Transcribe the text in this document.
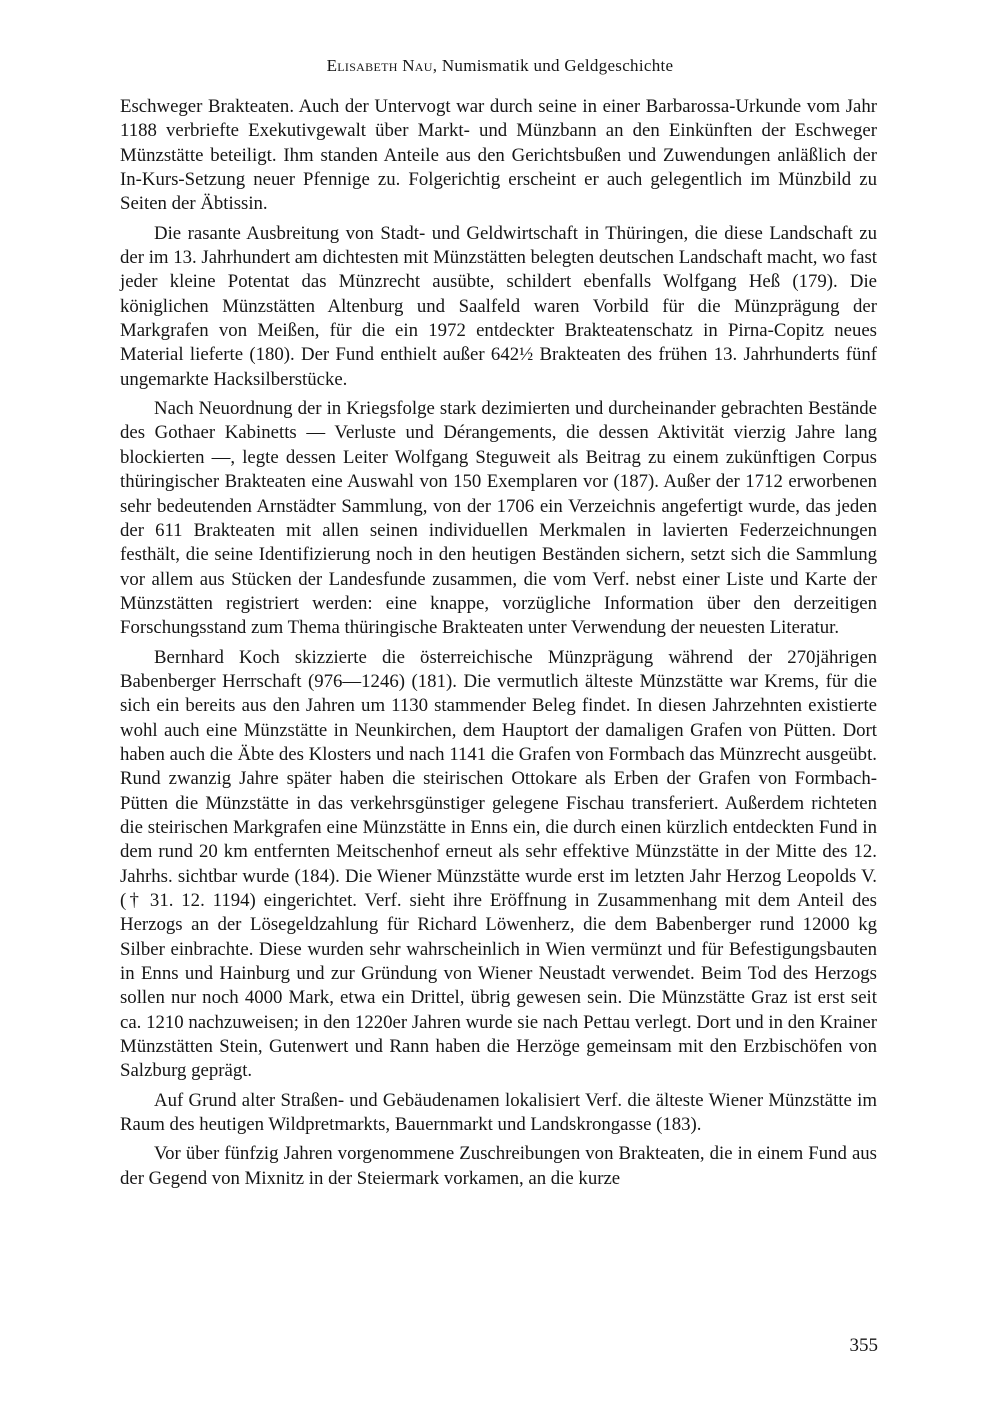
Elisabeth Nau, Numismatik und Geldgeschichte

Eschweger Brakteaten. Auch der Untervogt war durch seine in einer Barbarossa-Urkunde vom Jahr 1188 verbriefte Exekutivgewalt über Markt- und Münzbann an den Einkünften der Eschweger Münzstätte beteiligt. Ihm standen Anteile aus den Gerichtsbußen und Zuwendungen anläßlich der In-Kurs-Setzung neuer Pfennige zu. Folgerichtig erscheint er auch gelegentlich im Münzbild zu Seiten der Äbtissin.

Die rasante Ausbreitung von Stadt- und Geldwirtschaft in Thüringen, die diese Landschaft zu der im 13. Jahrhundert am dichtesten mit Münzstätten belegten deutschen Landschaft macht, wo fast jeder kleine Potentat das Münzrecht ausübte, schildert ebenfalls Wolfgang Heß (179). Die königlichen Münzstätten Altenburg und Saalfeld waren Vorbild für die Münzprägung der Markgrafen von Meißen, für die ein 1972 entdeckter Brakteatenschatz in Pirna-Copitz neues Material lieferte (180). Der Fund enthielt außer 642½ Brakteaten des frühen 13. Jahrhunderts fünf ungemarkte Hacksilberstücke.

Nach Neuordnung der in Kriegsfolge stark dezimierten und durcheinander gebrachten Bestände des Gothaer Kabinetts — Verluste und Dérangements, die dessen Aktivität vierzig Jahre lang blockierten —, legte dessen Leiter Wolfgang Steguweit als Beitrag zu einem zukünftigen Corpus thüringischer Brakteaten eine Auswahl von 150 Exemplaren vor (187). Außer der 1712 erworbenen sehr bedeutenden Arnstädter Sammlung, von der 1706 ein Verzeichnis angefertigt wurde, das jeden der 611 Brakteaten mit allen seinen individuellen Merkmalen in lavierten Federzeichnungen festhält, die seine Identifizierung noch in den heutigen Beständen sichern, setzt sich die Sammlung vor allem aus Stücken der Landesfunde zusammen, die vom Verf. nebst einer Liste und Karte der Münzstätten registriert werden: eine knappe, vorzügliche Information über den derzeitigen Forschungsstand zum Thema thüringische Brakteaten unter Verwendung der neuesten Literatur.

Bernhard Koch skizzierte die österreichische Münzprägung während der 270jährigen Babenberger Herrschaft (976—1246) (181). Die vermutlich älteste Münzstätte war Krems, für die sich ein bereits aus den Jahren um 1130 stammender Beleg findet. In diesen Jahrzehnten existierte wohl auch eine Münzstätte in Neunkirchen, dem Hauptort der damaligen Grafen von Pütten. Dort haben auch die Äbte des Klosters und nach 1141 die Grafen von Formbach das Münzrecht ausgeübt. Rund zwanzig Jahre später haben die steirischen Ottokare als Erben der Grafen von Formbach-Pütten die Münzstätte in das verkehrsgünstiger gelegene Fischau transferiert. Außerdem richteten die steirischen Markgrafen eine Münzstätte in Enns ein, die durch einen kürzlich entdeckten Fund in dem rund 20 km entfernten Meitschenhof erneut als sehr effektive Münzstätte in der Mitte des 12. Jahrhs. sichtbar wurde (184). Die Wiener Münzstätte wurde erst im letzten Jahr Herzog Leopolds V. († 31. 12. 1194) eingerichtet. Verf. sieht ihre Eröffnung in Zusammenhang mit dem Anteil des Herzogs an der Lösegeldzahlung für Richard Löwenherz, die dem Babenberger rund 12000 kg Silber einbrachte. Diese wurden sehr wahrscheinlich in Wien vermünzt und für Befestigungsbauten in Enns und Hainburg und zur Gründung von Wiener Neustadt verwendet. Beim Tod des Herzogs sollen nur noch 4000 Mark, etwa ein Drittel, übrig gewesen sein. Die Münzstätte Graz ist erst seit ca. 1210 nachzuweisen; in den 1220er Jahren wurde sie nach Pettau verlegt. Dort und in den Krainer Münzstätten Stein, Gutenwert und Rann haben die Herzöge gemeinsam mit den Erzbischöfen von Salzburg geprägt.

Auf Grund alter Straßen- und Gebäudenamen lokalisiert Verf. die älteste Wiener Münzstätte im Raum des heutigen Wildpretmarkts, Bauernmarkt und Landskrongasse (183).

Vor über fünfzig Jahren vorgenommene Zuschreibungen von Brakteaten, die in einem Fund aus der Gegend von Mixnitz in der Steiermark vorkamen, an die kurze

355
